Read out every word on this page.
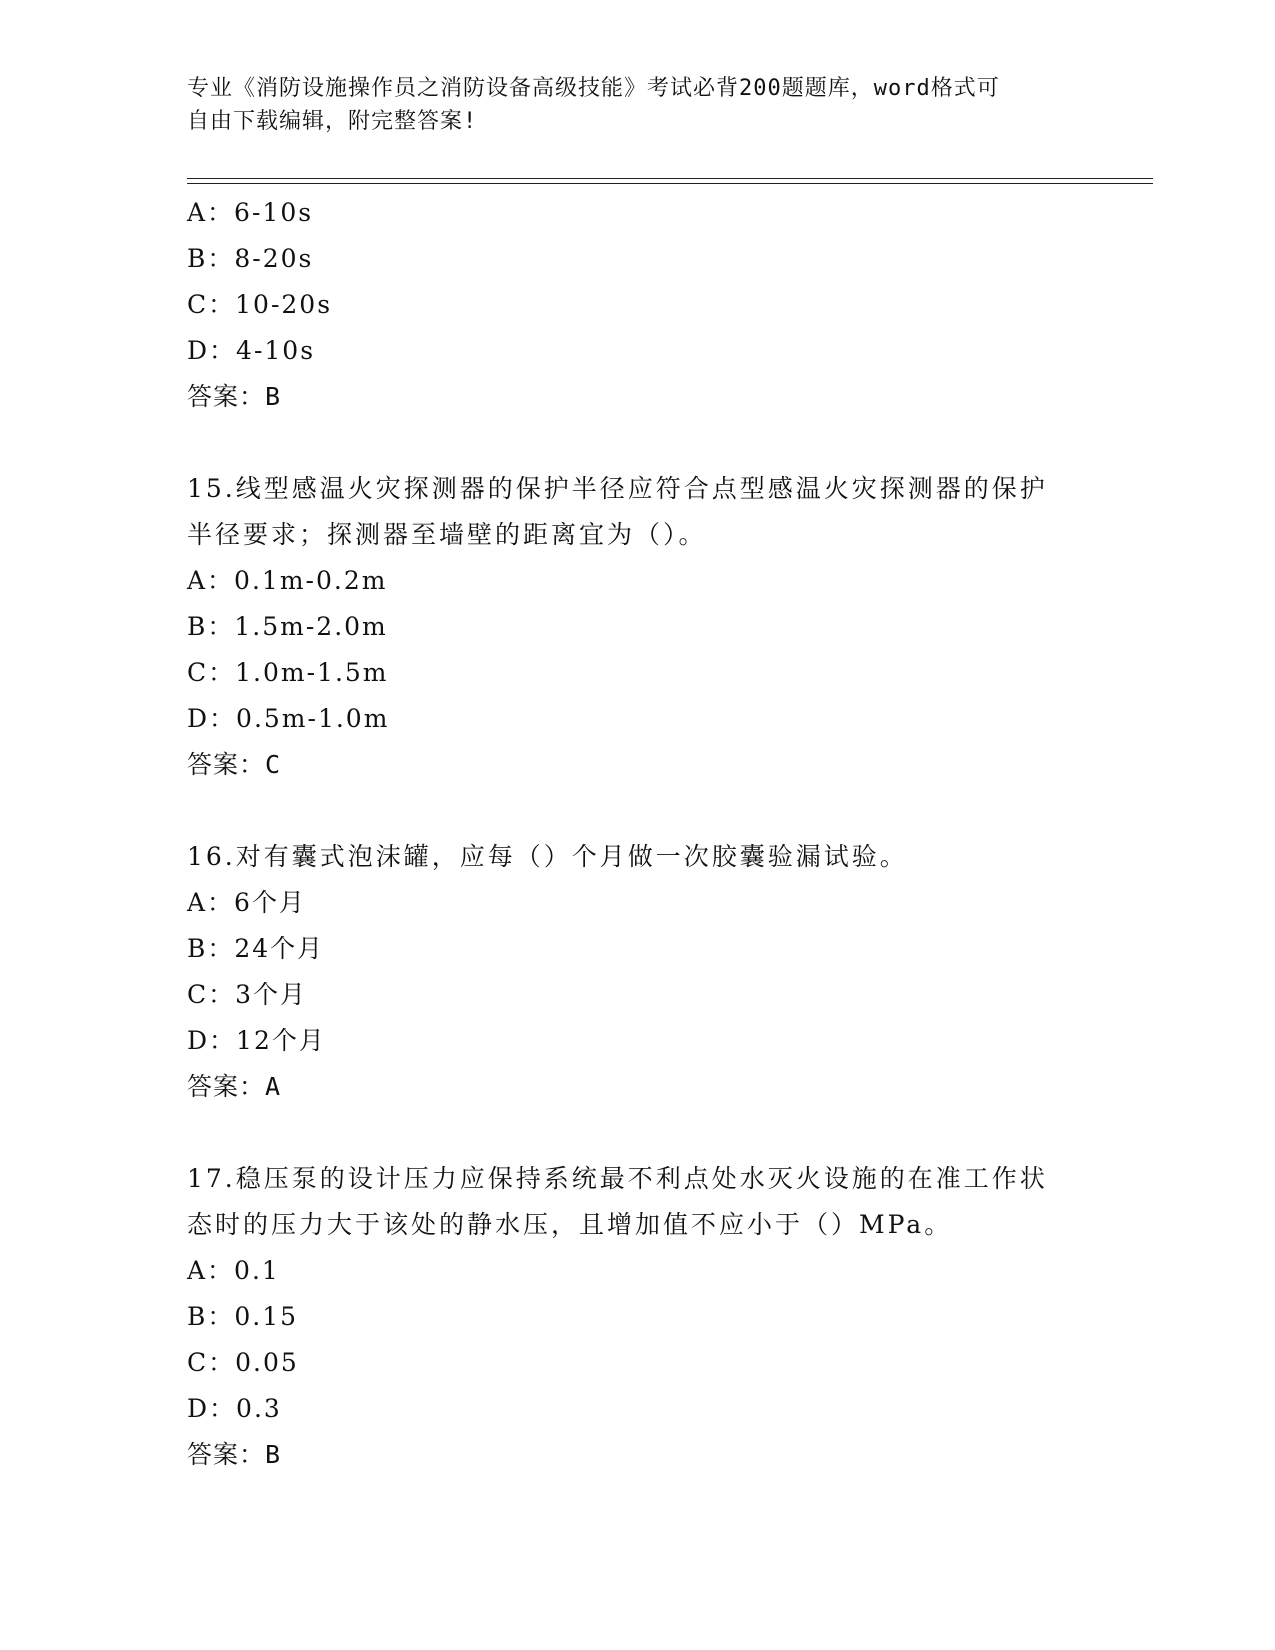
专业《消防设施操作员之消防设备高级技能》考试必背200题题库，word格式可
自由下载编辑，附完整答案!
A：6-10s
B：8-20s
C：10-20s
D：4-10s
答案：B
15.线型感温火灾探测器的保护半径应符合点型感温火灾探测器的保护
半径要求；探测器至墙壁的距离宜为（）。
A：0.1m-0.2m
B：1.5m-2.0m
C：1.0m-1.5m
D：0.5m-1.0m
答案：C
16.对有囊式泡沫罐，应每（）个月做一次胶囊验漏试验。
A：6个月
B：24个月
C：3个月
D：12个月
答案：A
17.稳压泵的设计压力应保持系统最不利点处水灭火设施的在准工作状
态时的压力大于该处的静水压，且增加值不应小于（）MPa。
A：0.1
B：0.15
C：0.05
D：0.3
答案：B
